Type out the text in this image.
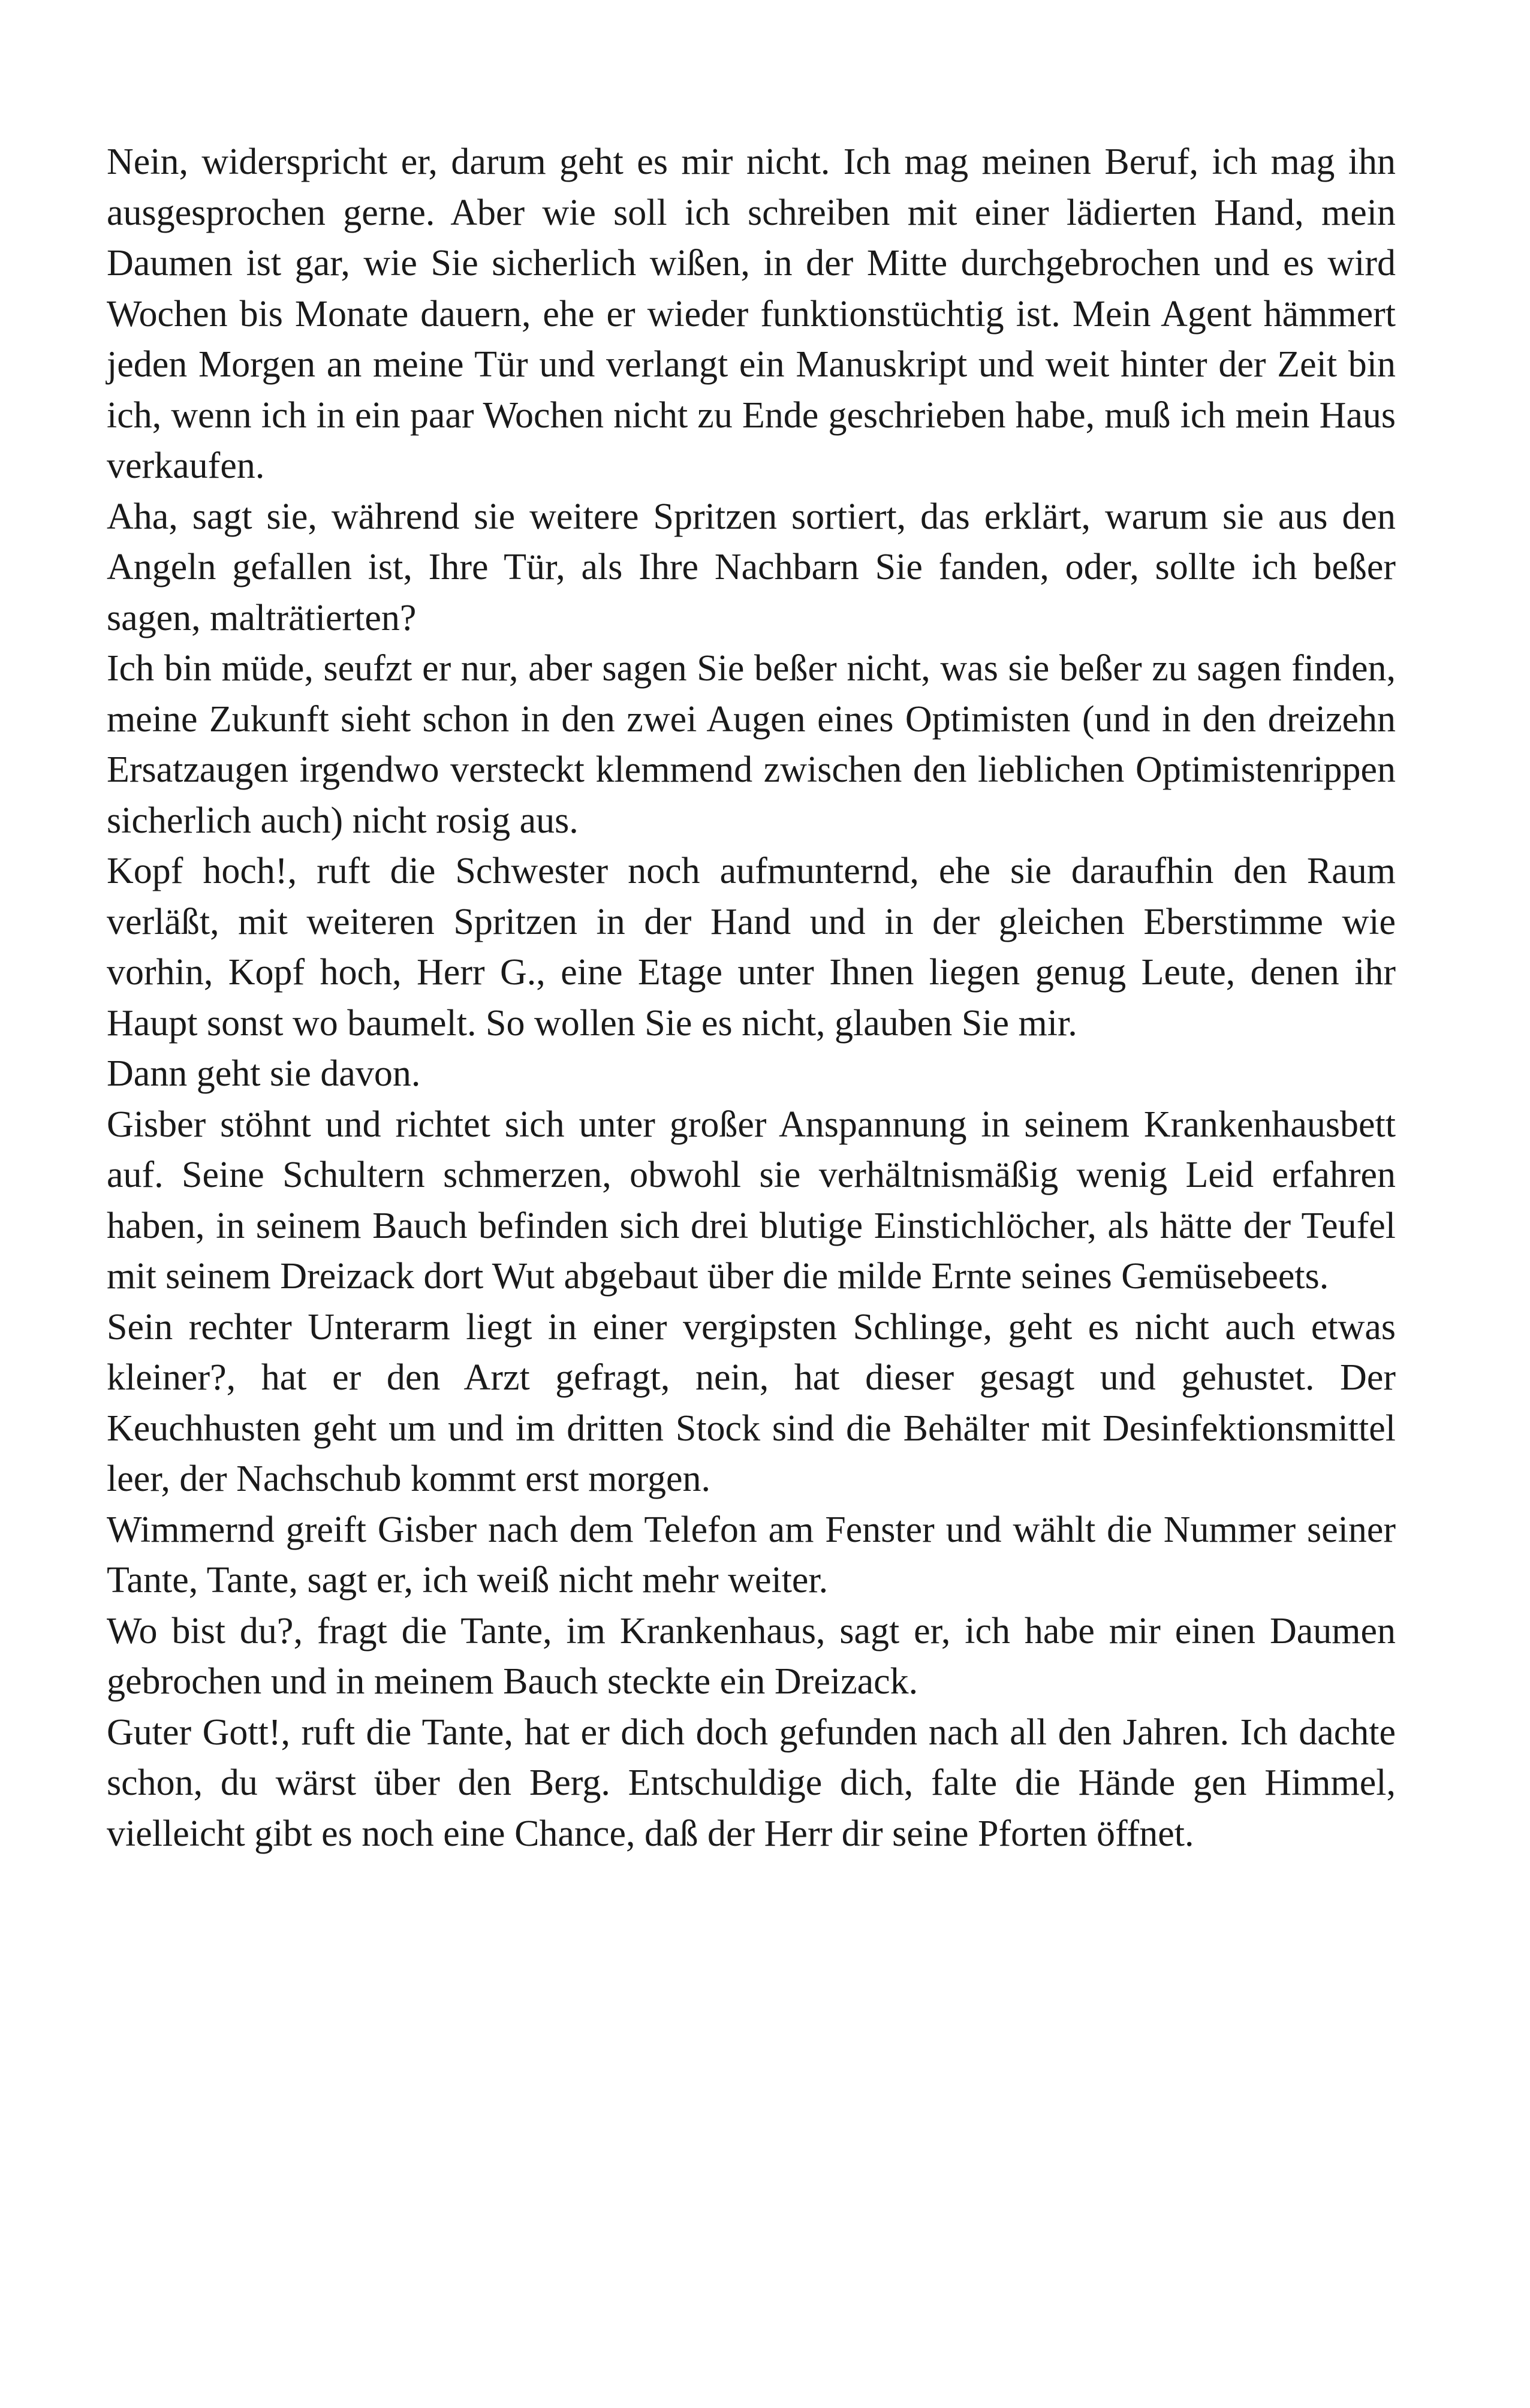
Nein, widerspricht er, darum geht es mir nicht. Ich mag meinen Beruf, ich mag ihn ausgesprochen gerne. Aber wie soll ich schreiben mit einer lädierten Hand, mein Daumen ist gar, wie Sie sicherlich wißen, in der Mitte durchgebrochen und es wird Wochen bis Monate dauern, ehe er wieder funktionstüchtig ist. Mein Agent hämmert jeden Morgen an meine Tür und verlangt ein Manuskript und weit hinter der Zeit bin ich, wenn ich in ein paar Wochen nicht zu Ende geschrieben habe, muß ich mein Haus verkaufen.

Aha, sagt sie, während sie weitere Spritzen sortiert, das erklärt, warum sie aus den Angeln gefallen ist, Ihre Tür, als Ihre Nachbarn Sie fanden, oder, sollte ich beßer sagen, malträtierten?

Ich bin müde, seufzt er nur, aber sagen Sie beßer nicht, was sie beßer zu sagen finden, meine Zukunft sieht schon in den zwei Augen eines Optimisten (und in den dreizehn Ersatzaugen irgendwo versteckt klemmend zwischen den lieblichen Optimistenrippen sicherlich auch) nicht rosig aus.

Kopf hoch!, ruft die Schwester noch aufmunternd, ehe sie daraufhin den Raum verläßt, mit weiteren Spritzen in der Hand und in der gleichen Eberstimme wie vorhin, Kopf hoch, Herr G., eine Etage unter Ihnen liegen genug Leute, denen ihr Haupt sonst wo baumelt. So wollen Sie es nicht, glauben Sie mir.

Dann geht sie davon.

Gisber stöhnt und richtet sich unter großer Anspannung in seinem Krankenhausbett auf. Seine Schultern schmerzen, obwohl sie verhältnismäßig wenig Leid erfahren haben, in seinem Bauch befinden sich drei blutige Einstichlöcher, als hätte der Teufel mit seinem Dreizack dort Wut abgebaut über die milde Ernte seines Gemüsebeets.

Sein rechter Unterarm liegt in einer vergipsten Schlinge, geht es nicht auch etwas kleiner?, hat er den Arzt gefragt, nein, hat dieser gesagt und gehustet. Der Keuchhusten geht um und im dritten Stock sind die Behälter mit Desinfektionsmittel leer, der Nachschub kommt erst morgen.

Wimmernd greift Gisber nach dem Telefon am Fenster und wählt die Nummer seiner Tante, Tante, sagt er, ich weiß nicht mehr weiter.

Wo bist du?, fragt die Tante, im Krankenhaus, sagt er, ich habe mir einen Daumen gebrochen und in meinem Bauch steckte ein Dreizack.

Guter Gott!, ruft die Tante, hat er dich doch gefunden nach all den Jahren. Ich dachte schon, du wärst über den Berg. Entschuldige dich, falte die Hände gen Himmel, vielleicht gibt es noch eine Chance, daß der Herr dir seine Pforten öffnet.
